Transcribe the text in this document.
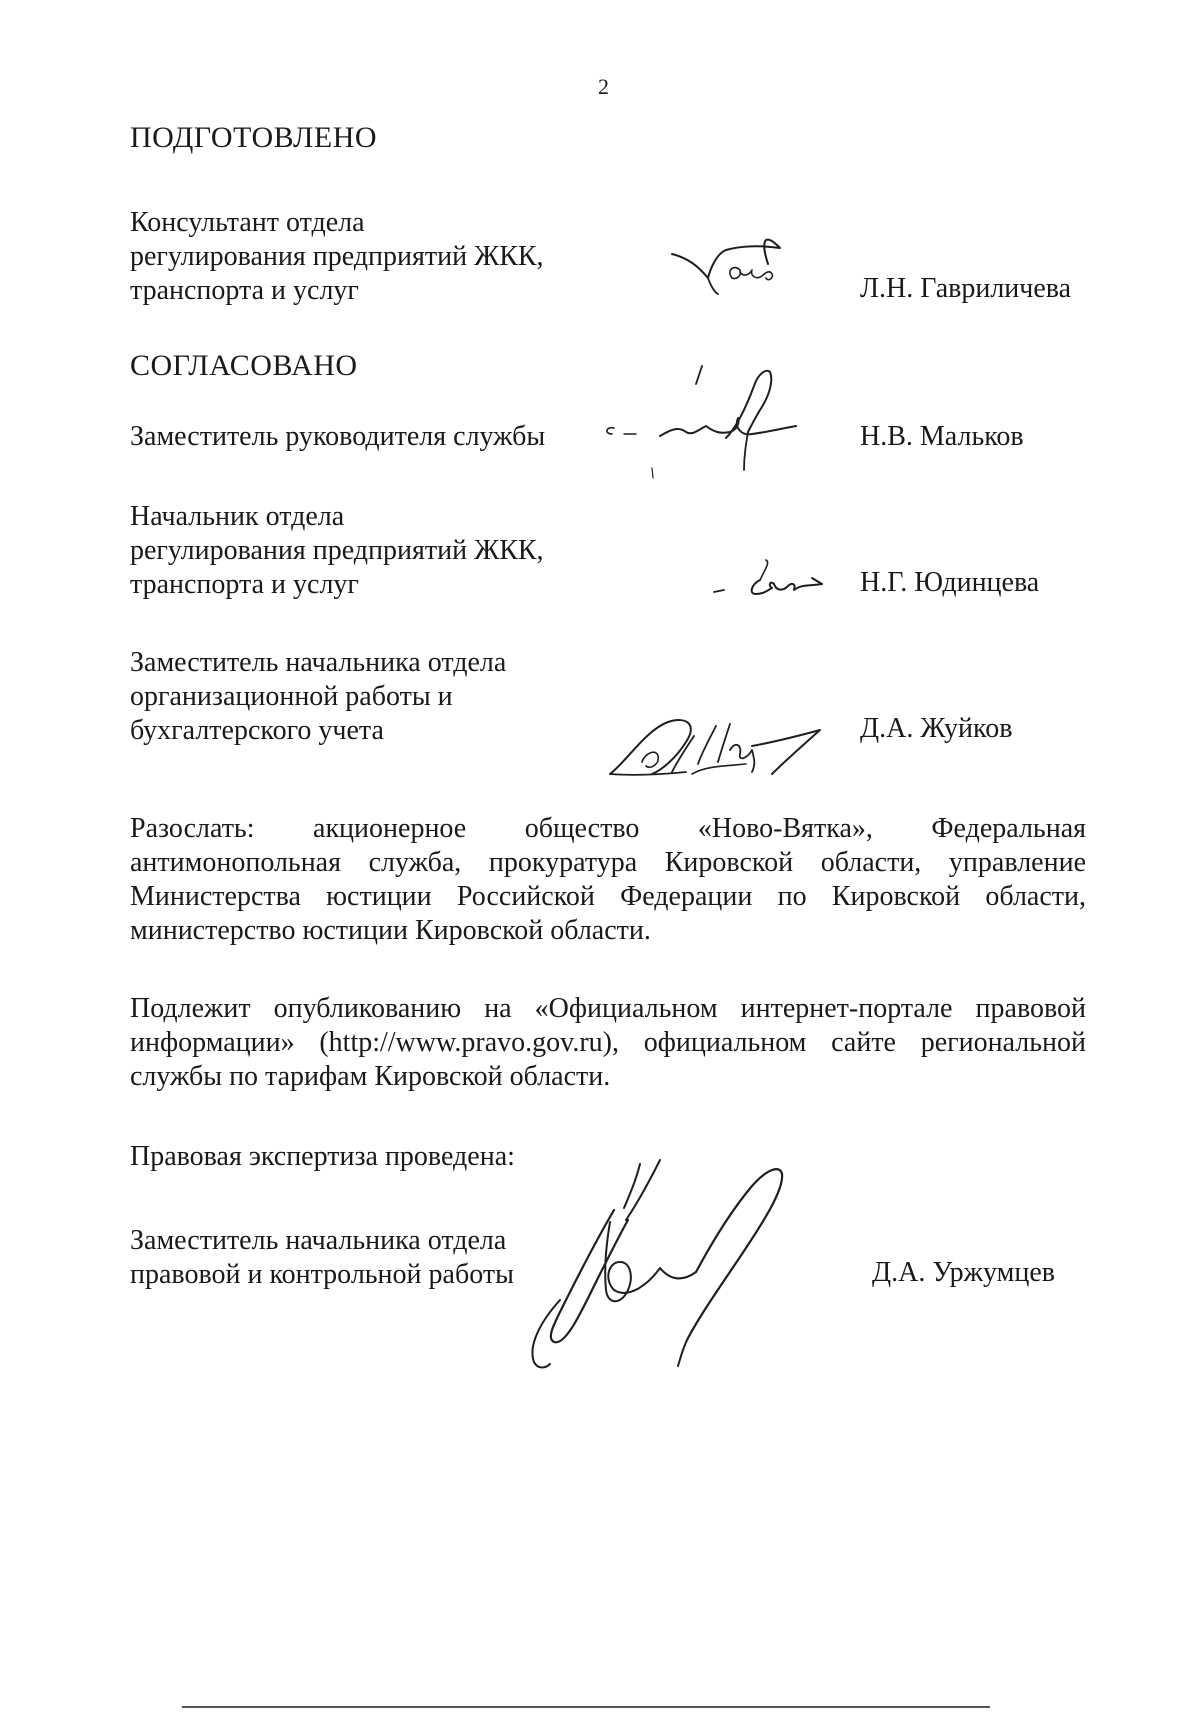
2
ПОДГОТОВЛЕНО
Консультант отдела
регулирования предприятий ЖКК,
транспорта и услуг	Л.Н. Гавриличева
СОГЛАСОВАНО
Заместитель руководителя службы	Н.В. Мальков
Начальник отдела
регулирования предприятий ЖКК,
транспорта и услуг	Н.Г. Юдинцева
Заместитель начальника отдела
организационной работы и
бухгалтерского учета	Д.А. Жуйков
Разослать: акционерное общество «Ново-Вятка», Федеральная
антимонопольная служба, прокуратура Кировской области, управление
Министерства юстиции Российской Федерации по Кировской области,
министерство юстиции Кировской области.
Подлежит опубликованию на «Официальном интернет-портале правовой
информации» (http://www.pravo.gov.ru), официальном сайте региональной
службы по тарифам Кировской области.
Правовая экспертиза проведена:
Заместитель начальника отдела
правовой и контрольной работы	Д.А. Уржумцев
